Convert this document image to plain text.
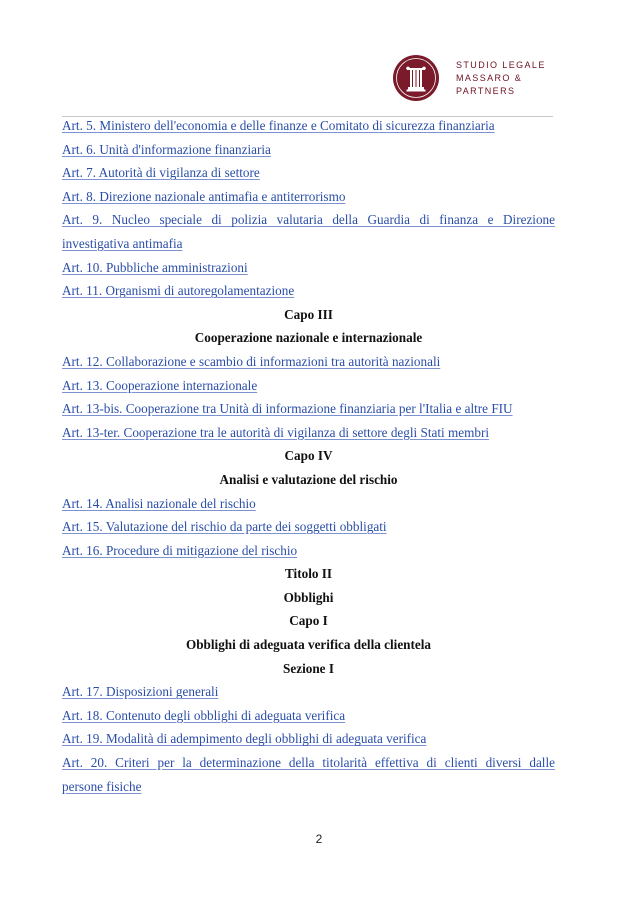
STUDIO LEGALE
MASSARO & PARTNERS
Art. 5. Ministero dell'economia e delle finanze e Comitato di sicurezza finanziaria
Art. 6. Unità d'informazione finanziaria
Art. 7. Autorità di vigilanza di settore
Art. 8. Direzione nazionale antimafia e antiterrorismo
Art. 9. Nucleo speciale di polizia valutaria della Guardia di finanza e Direzione
investigativa antimafia
Art. 10. Pubbliche amministrazioni
Art. 11. Organismi di autoregolamentazione
Capo III
Cooperazione nazionale e internazionale
Art. 12. Collaborazione e scambio di informazioni tra autorità nazionali
Art. 13. Cooperazione internazionale
Art. 13-bis. Cooperazione tra Unità di informazione finanziaria per l'Italia e altre FIU
Art. 13-ter. Cooperazione tra le autorità di vigilanza di settore degli Stati membri
Capo IV
Analisi e valutazione del rischio
Art. 14. Analisi nazionale del rischio
Art. 15. Valutazione del rischio da parte dei soggetti obbligati
Art. 16. Procedure di mitigazione del rischio
Titolo II
Obblighi
Capo I
Obblighi di adeguata verifica della clientela
Sezione I
Art. 17. Disposizioni generali
Art. 18. Contenuto degli obblighi di adeguata verifica
Art. 19. Modalità di adempimento degli obblighi di adeguata verifica
Art. 20. Criteri per la determinazione della titolarità effettiva di clienti diversi dalle
persone fisiche
2
